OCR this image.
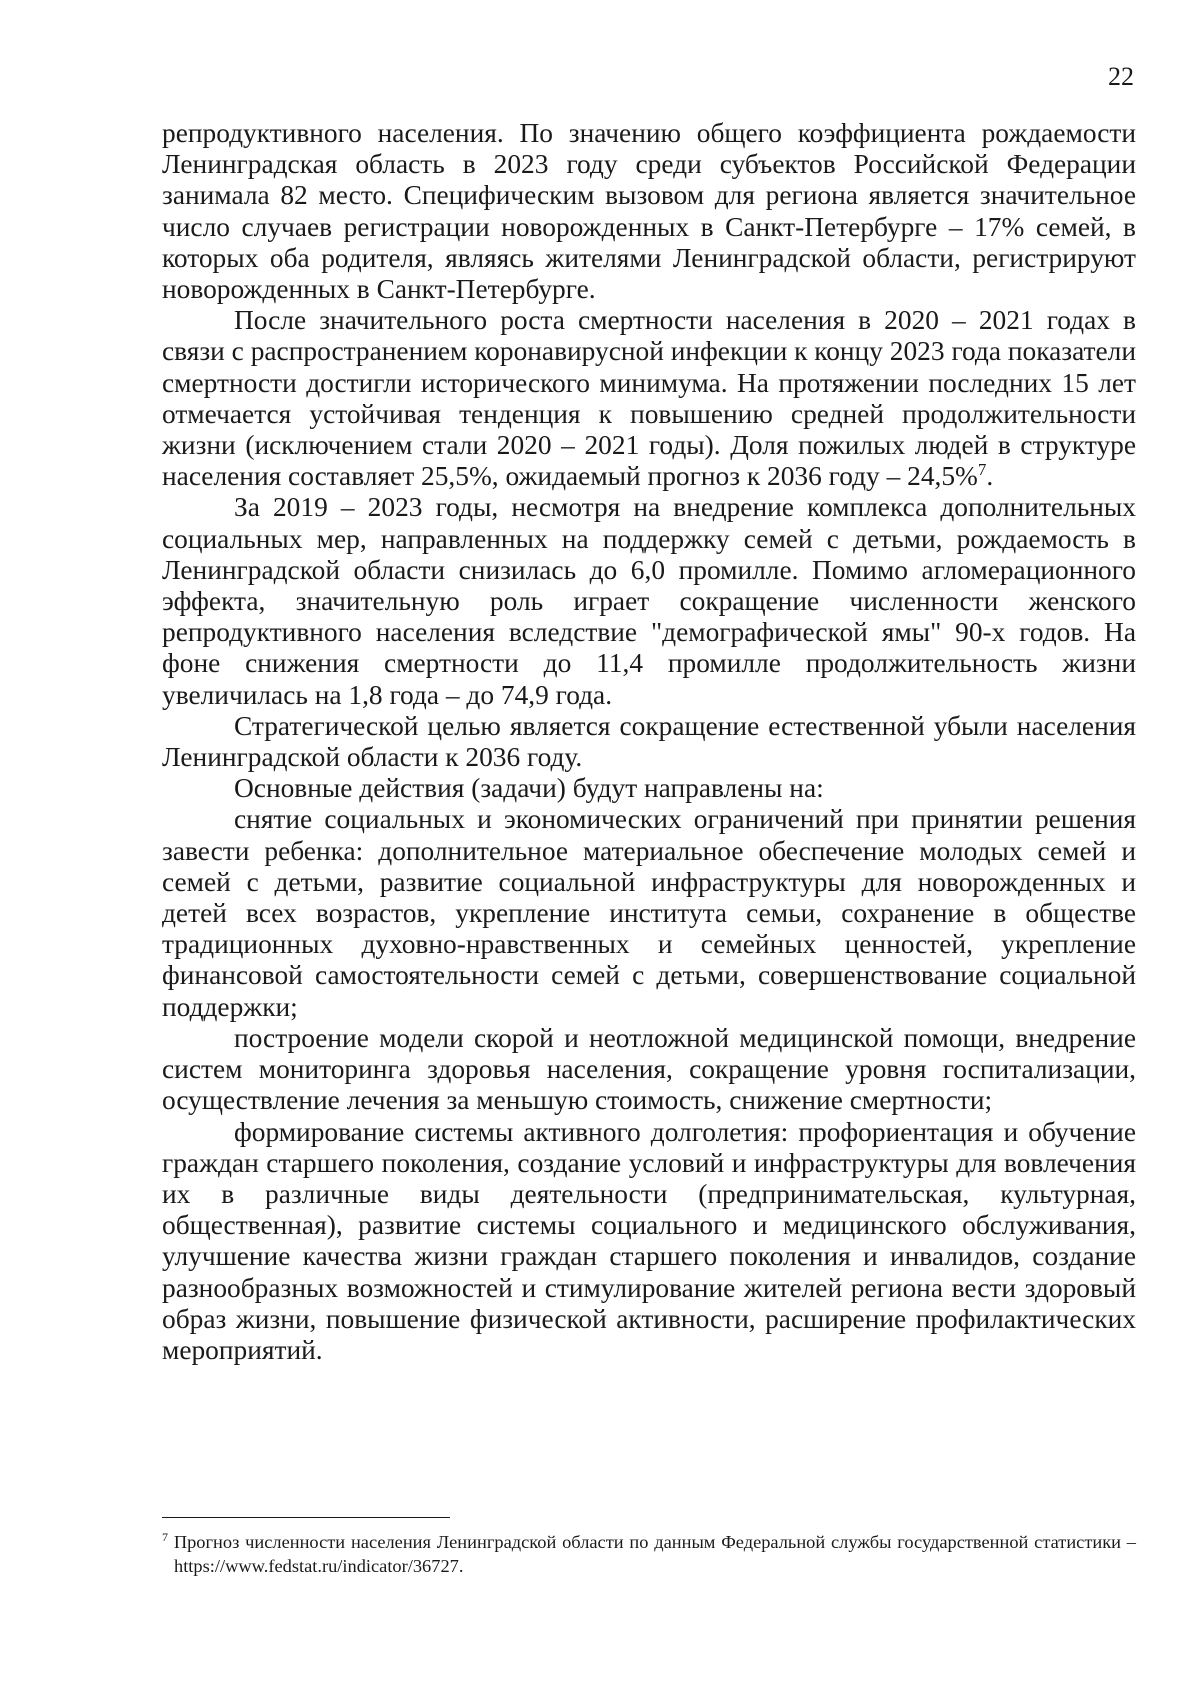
22

репродуктивного населения. По значению общего коэффициента рождаемости Ленинградская область в 2023 году среди субъектов Российской Федерации занимала 82 место. Специфическим вызовом для региона является значительное число случаев регистрации новорожденных в Санкт-Петербурге – 17% семей, в которых оба родителя, являясь жителями Ленинградской области, регистрируют новорожденных в Санкт-Петербурге.

После значительного роста смертности населения в 2020 – 2021 годах в связи с распространением коронавирусной инфекции к концу 2023 года показатели смертности достигли исторического минимума. На протяжении последних 15 лет отмечается устойчивая тенденция к повышению средней продолжительности жизни (исключением стали 2020 – 2021 годы). Доля пожилых людей в структуре населения составляет 25,5%, ожидаемый прогноз к 2036 году – 24,5%$^7$.

За 2019 – 2023 годы, несмотря на внедрение комплекса дополнительных социальных мер, направленных на поддержку семей с детьми, рождаемость в Ленинградской области снизилась до 6,0 промилле. Помимо агломерационного эффекта, значительную роль играет сокращение численности женского репродуктивного населения вследствие "демографической ямы" 90-х годов. На фоне снижения смертности до 11,4 промилле продолжительность жизни увеличилась на 1,8 года – до 74,9 года.

Стратегической целью является сокращение естественной убыли населения Ленинградской области к 2036 году.

Основные действия (задачи) будут направлены на:

снятие социальных и экономических ограничений при принятии решения завести ребенка: дополнительное материальное обеспечение молодых семей и семей с детьми, развитие социальной инфраструктуры для новорожденных и детей всех возрастов, укрепление института семьи, сохранение в обществе традиционных духовно-нравственных и семейных ценностей, укрепление финансовой самостоятельности семей с детьми, совершенствование социальной поддержки;

построение модели скорой и неотложной медицинской помощи, внедрение систем мониторинга здоровья населения, сокращение уровня госпитализации, осуществление лечения за меньшую стоимость, снижение смертности;

формирование системы активного долголетия: профориентация и обучение граждан старшего поколения, создание условий и инфраструктуры для вовлечения их в различные виды деятельности (предпринимательская, культурная, общественная), развитие системы социального и медицинского обслуживания, улучшение качества жизни граждан старшего поколения и инвалидов, создание разнообразных возможностей и стимулирование жителей региона вести здоровый образ жизни, повышение физической активности, расширение профилактических мероприятий.

$^7$ Прогноз численности населения Ленинградской области по данным Федеральной службы государственной статистики – https://www.fedstat.ru/indicator/36727.
